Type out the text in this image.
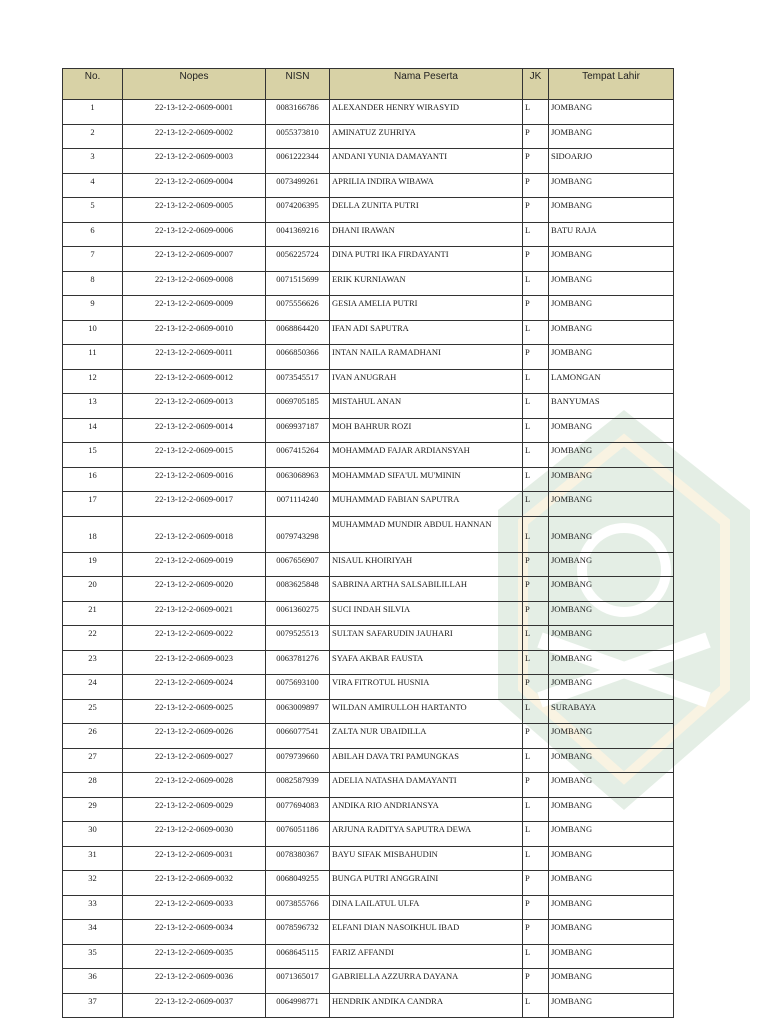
No.	Nopes	NISN	Nama Peserta	JK	Tempat Lahir
1	22-13-12-2-0609-0001	0083166786	ALEXANDER HENRY WIRASYID	L	JOMBANG
2	22-13-12-2-0609-0002	0055373810	AMINATUZ ZUHRIYA	P	JOMBANG
3	22-13-12-2-0609-0003	0061222344	ANDANI YUNIA DAMAYANTI	P	SIDOARJO
4	22-13-12-2-0609-0004	0073499261	APRILIA INDIRA WIBAWA	P	JOMBANG
5	22-13-12-2-0609-0005	0074206395	DELLA ZUNITA PUTRI	P	JOMBANG
6	22-13-12-2-0609-0006	0041369216	DHANI IRAWAN	L	BATU RAJA
7	22-13-12-2-0609-0007	0056225724	DINA PUTRI IKA FIRDAYANTI	P	JOMBANG
8	22-13-12-2-0609-0008	0071515699	ERIK KURNIAWAN	L	JOMBANG
9	22-13-12-2-0609-0009	0075556626	GESIA AMELIA PUTRI	P	JOMBANG
10	22-13-12-2-0609-0010	0068864420	IFAN ADI SAPUTRA	L	JOMBANG
11	22-13-12-2-0609-0011	0066850366	INTAN NAILA RAMADHANI	P	JOMBANG
12	22-13-12-2-0609-0012	0073545517	IVAN ANUGRAH	L	LAMONGAN
13	22-13-12-2-0609-0013	0069705185	MISTAHUL ANAN	L	BANYUMAS
14	22-13-12-2-0609-0014	0069937187	MOH BAHRUR ROZI	L	JOMBANG
15	22-13-12-2-0609-0015	0067415264	MOHAMMAD FAJAR ARDIANSYAH	L	JOMBANG
16	22-13-12-2-0609-0016	0063068963	MOHAMMAD SIFA'UL MU'MININ	L	JOMBANG
17	22-13-12-2-0609-0017	0071114240	MUHAMMAD FABIAN SAPUTRA	L	JOMBANG
18	22-13-12-2-0609-0018	0079743298	MUHAMMAD MUNDIR ABDUL HANNAN	L	JOMBANG
19	22-13-12-2-0609-0019	0067656907	NISAUL KHOIRIYAH	P	JOMBANG
20	22-13-12-2-0609-0020	0083625848	SABRINA ARTHA SALSABILILLAH	P	JOMBANG
21	22-13-12-2-0609-0021	0061360275	SUCI INDAH SILVIA	P	JOMBANG
22	22-13-12-2-0609-0022	0079525513	SULTAN SAFARUDIN JAUHARI	L	JOMBANG
23	22-13-12-2-0609-0023	0063781276	SYAFA AKBAR FAUSTA	L	JOMBANG
24	22-13-12-2-0609-0024	0075693100	VIRA FITROTUL HUSNIA	P	JOMBANG
25	22-13-12-2-0609-0025	0063009897	WILDAN AMIRULLOH HARTANTO	L	SURABAYA
26	22-13-12-2-0609-0026	0066077541	ZALTA NUR UBAIDILLA	P	JOMBANG
27	22-13-12-2-0609-0027	0079739660	ABILAH DAVA TRI PAMUNGKAS	L	JOMBANG
28	22-13-12-2-0609-0028	0082587939	ADELIA NATASHA DAMAYANTI	P	JOMBANG
29	22-13-12-2-0609-0029	0077694083	ANDIKA RIO ANDRIANSYA	L	JOMBANG
30	22-13-12-2-0609-0030	0076051186	ARJUNA RADITYA SAPUTRA DEWA	L	JOMBANG
31	22-13-12-2-0609-0031	0078380367	BAYU SIFAK MISBAHUDIN	L	JOMBANG
32	22-13-12-2-0609-0032	0068049255	BUNGA PUTRI ANGGRAINI	P	JOMBANG
33	22-13-12-2-0609-0033	0073855766	DINA LAILATUL ULFA	P	JOMBANG
34	22-13-12-2-0609-0034	0078596732	ELFANI DIAN NASOIKHUL IBAD	P	JOMBANG
35	22-13-12-2-0609-0035	0068645115	FARIZ AFFANDI	L	JOMBANG
36	22-13-12-2-0609-0036	0071365017	GABRIELLA AZZURRA DAYANA	P	JOMBANG
37	22-13-12-2-0609-0037	0064998771	HENDRIK ANDIKA CANDRA	L	JOMBANG
